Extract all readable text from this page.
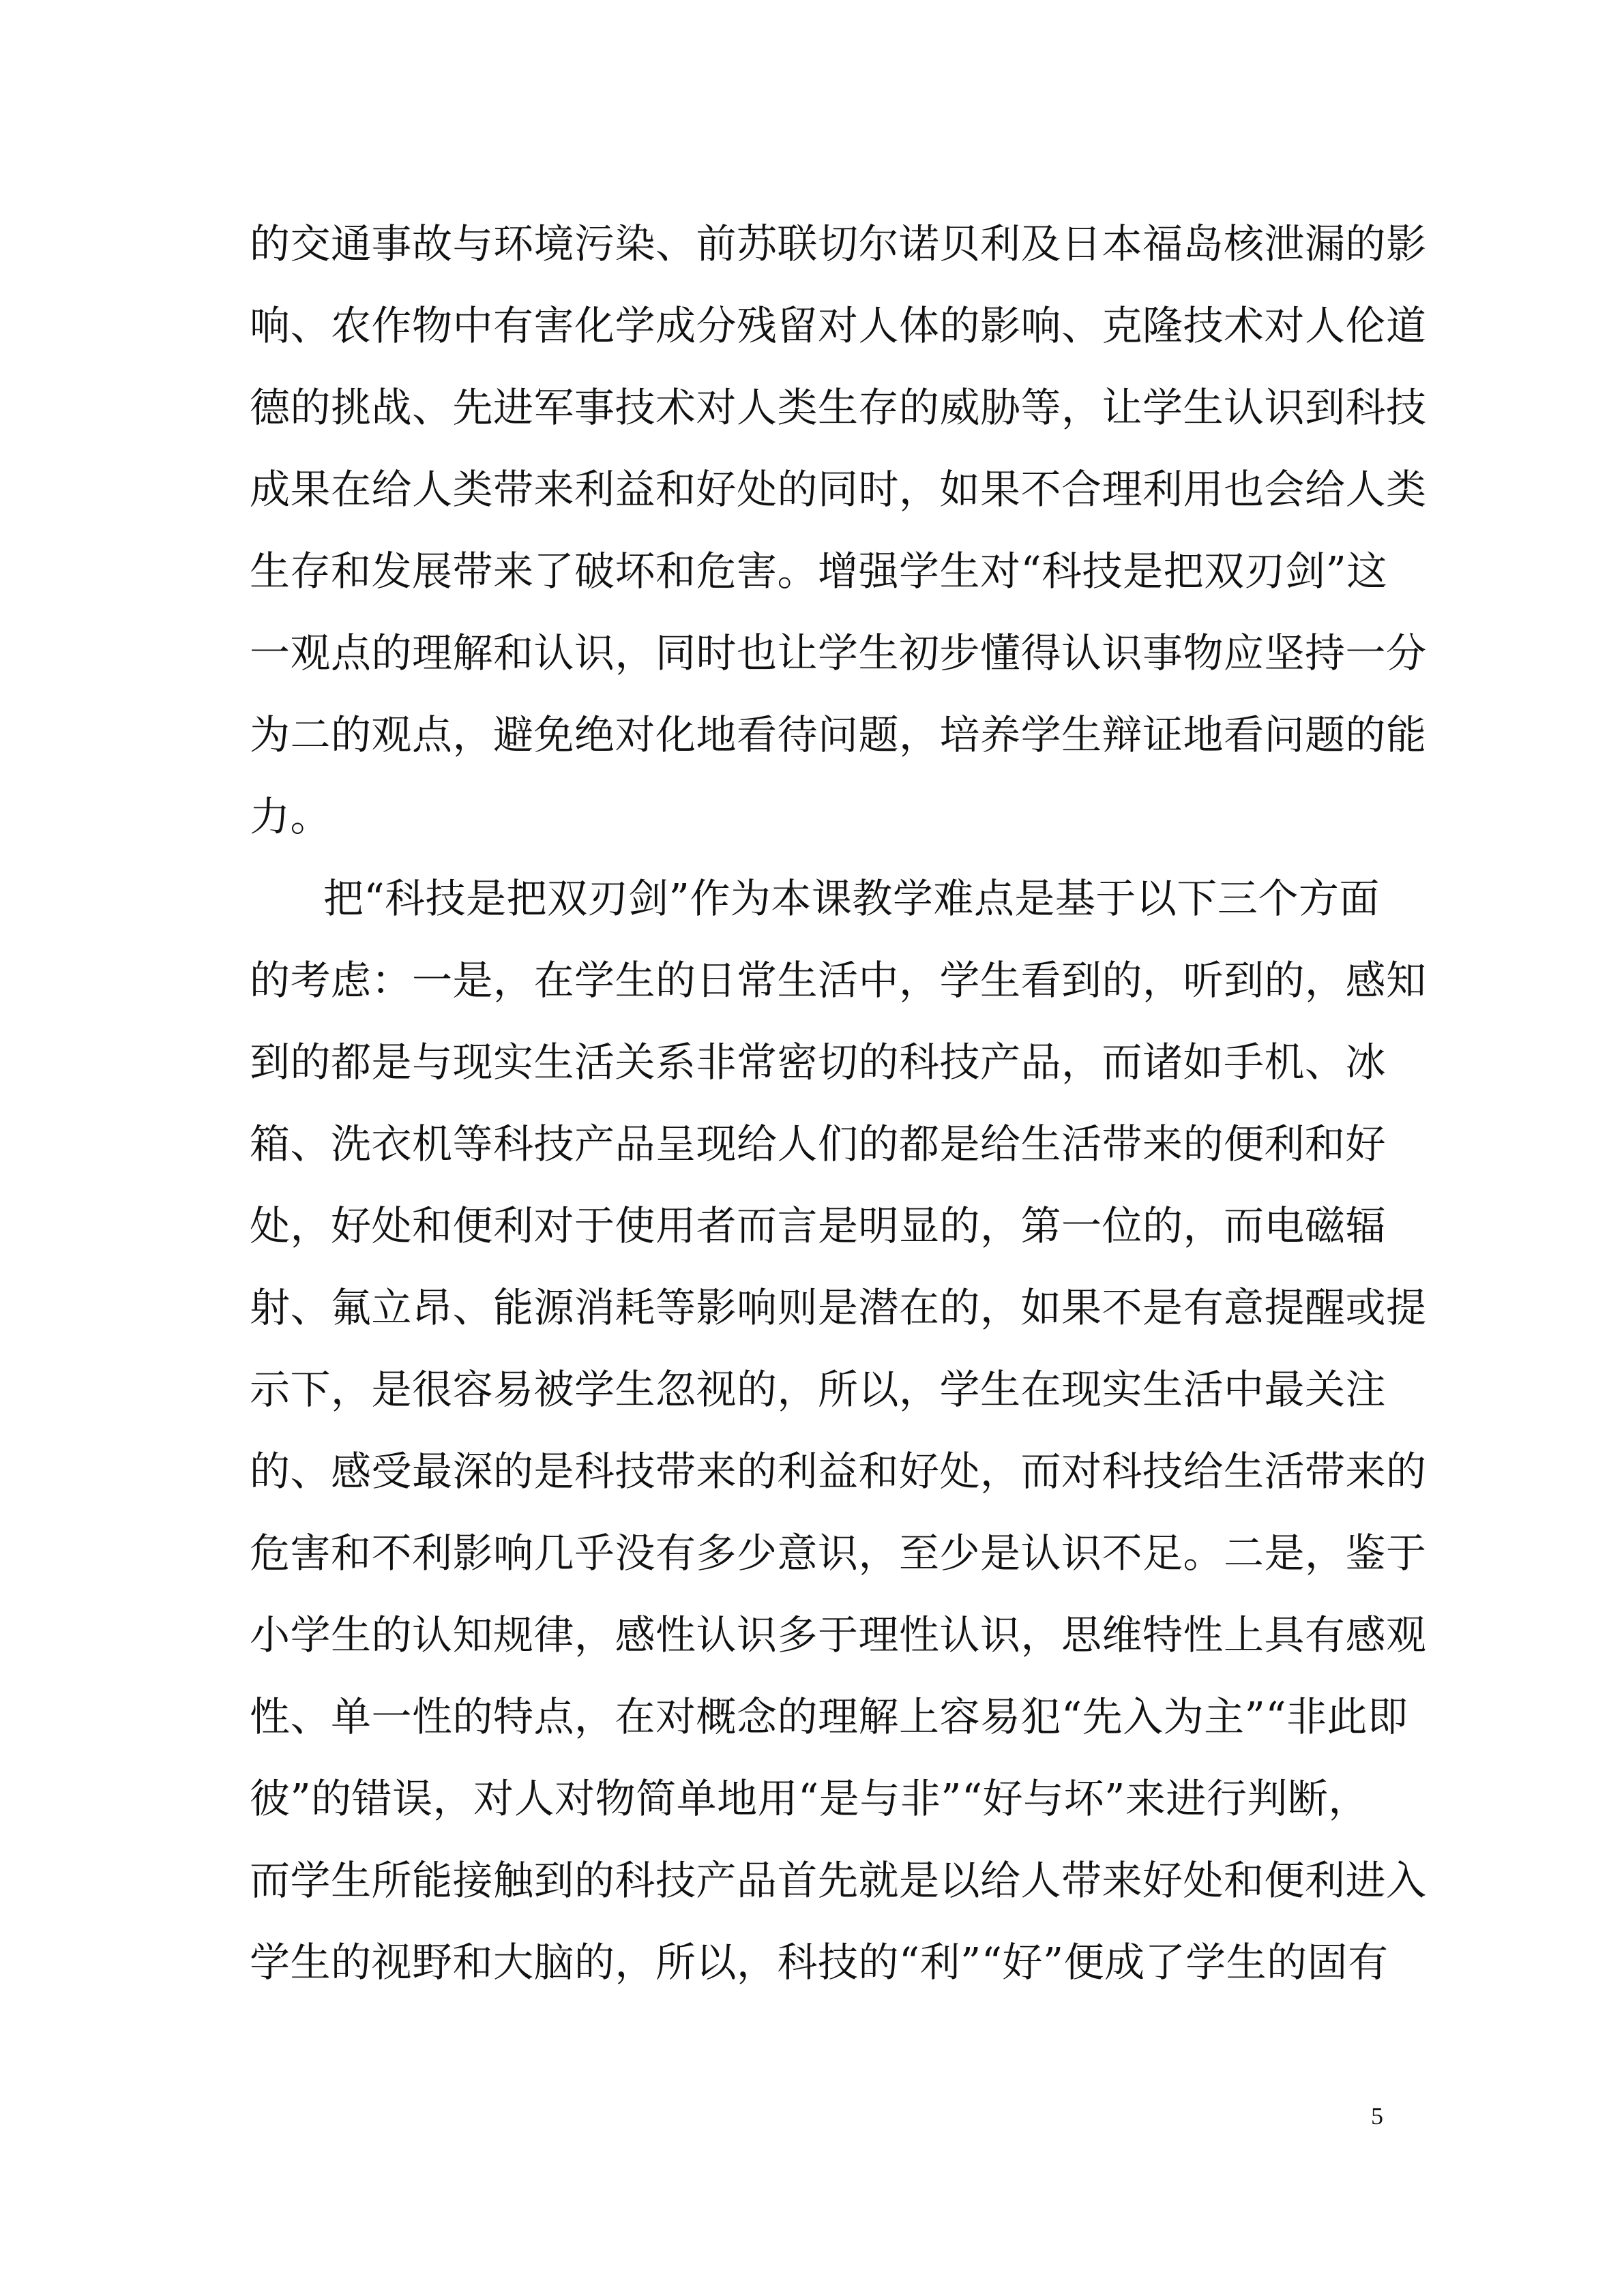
的交通事故与环境污染、前苏联切尔诺贝利及日本福岛核泄漏的影
响、农作物中有害化学成分残留对人体的影响、克隆技术对人伦道
德的挑战、先进军事技术对人类生存的威胁等，让学生认识到科技
成果在给人类带来利益和好处的同时，如果不合理利用也会给人类
生存和发展带来了破坏和危害。增强学生对“科技是把双刃剑”这
一观点的理解和认识，同时也让学生初步懂得认识事物应坚持一分
为二的观点，避免绝对化地看待问题，培养学生辩证地看问题的能
力。
把“科技是把双刃剑”作为本课教学难点是基于以下三个方面
的考虑：一是，在学生的日常生活中，学生看到的，听到的，感知
到的都是与现实生活关系非常密切的科技产品，而诸如手机、冰
箱、洗衣机等科技产品呈现给人们的都是给生活带来的便利和好
处，好处和便利对于使用者而言是明显的，第一位的，而电磁辐
射、氟立昂、能源消耗等影响则是潜在的，如果不是有意提醒或提
示下，是很容易被学生忽视的，所以，学生在现实生活中最关注
的、感受最深的是科技带来的利益和好处，而对科技给生活带来的
危害和不利影响几乎没有多少意识，至少是认识不足。二是，鉴于
小学生的认知规律，感性认识多于理性认识，思维特性上具有感观
性、单一性的特点，在对概念的理解上容易犯“先入为主”“非此即
彼”的错误，对人对物简单地用“是与非”“好与坏”来进行判断，
而学生所能接触到的科技产品首先就是以给人带来好处和便利进入
学生的视野和大脑的，所以，科技的“利”“好”便成了学生的固有
5
